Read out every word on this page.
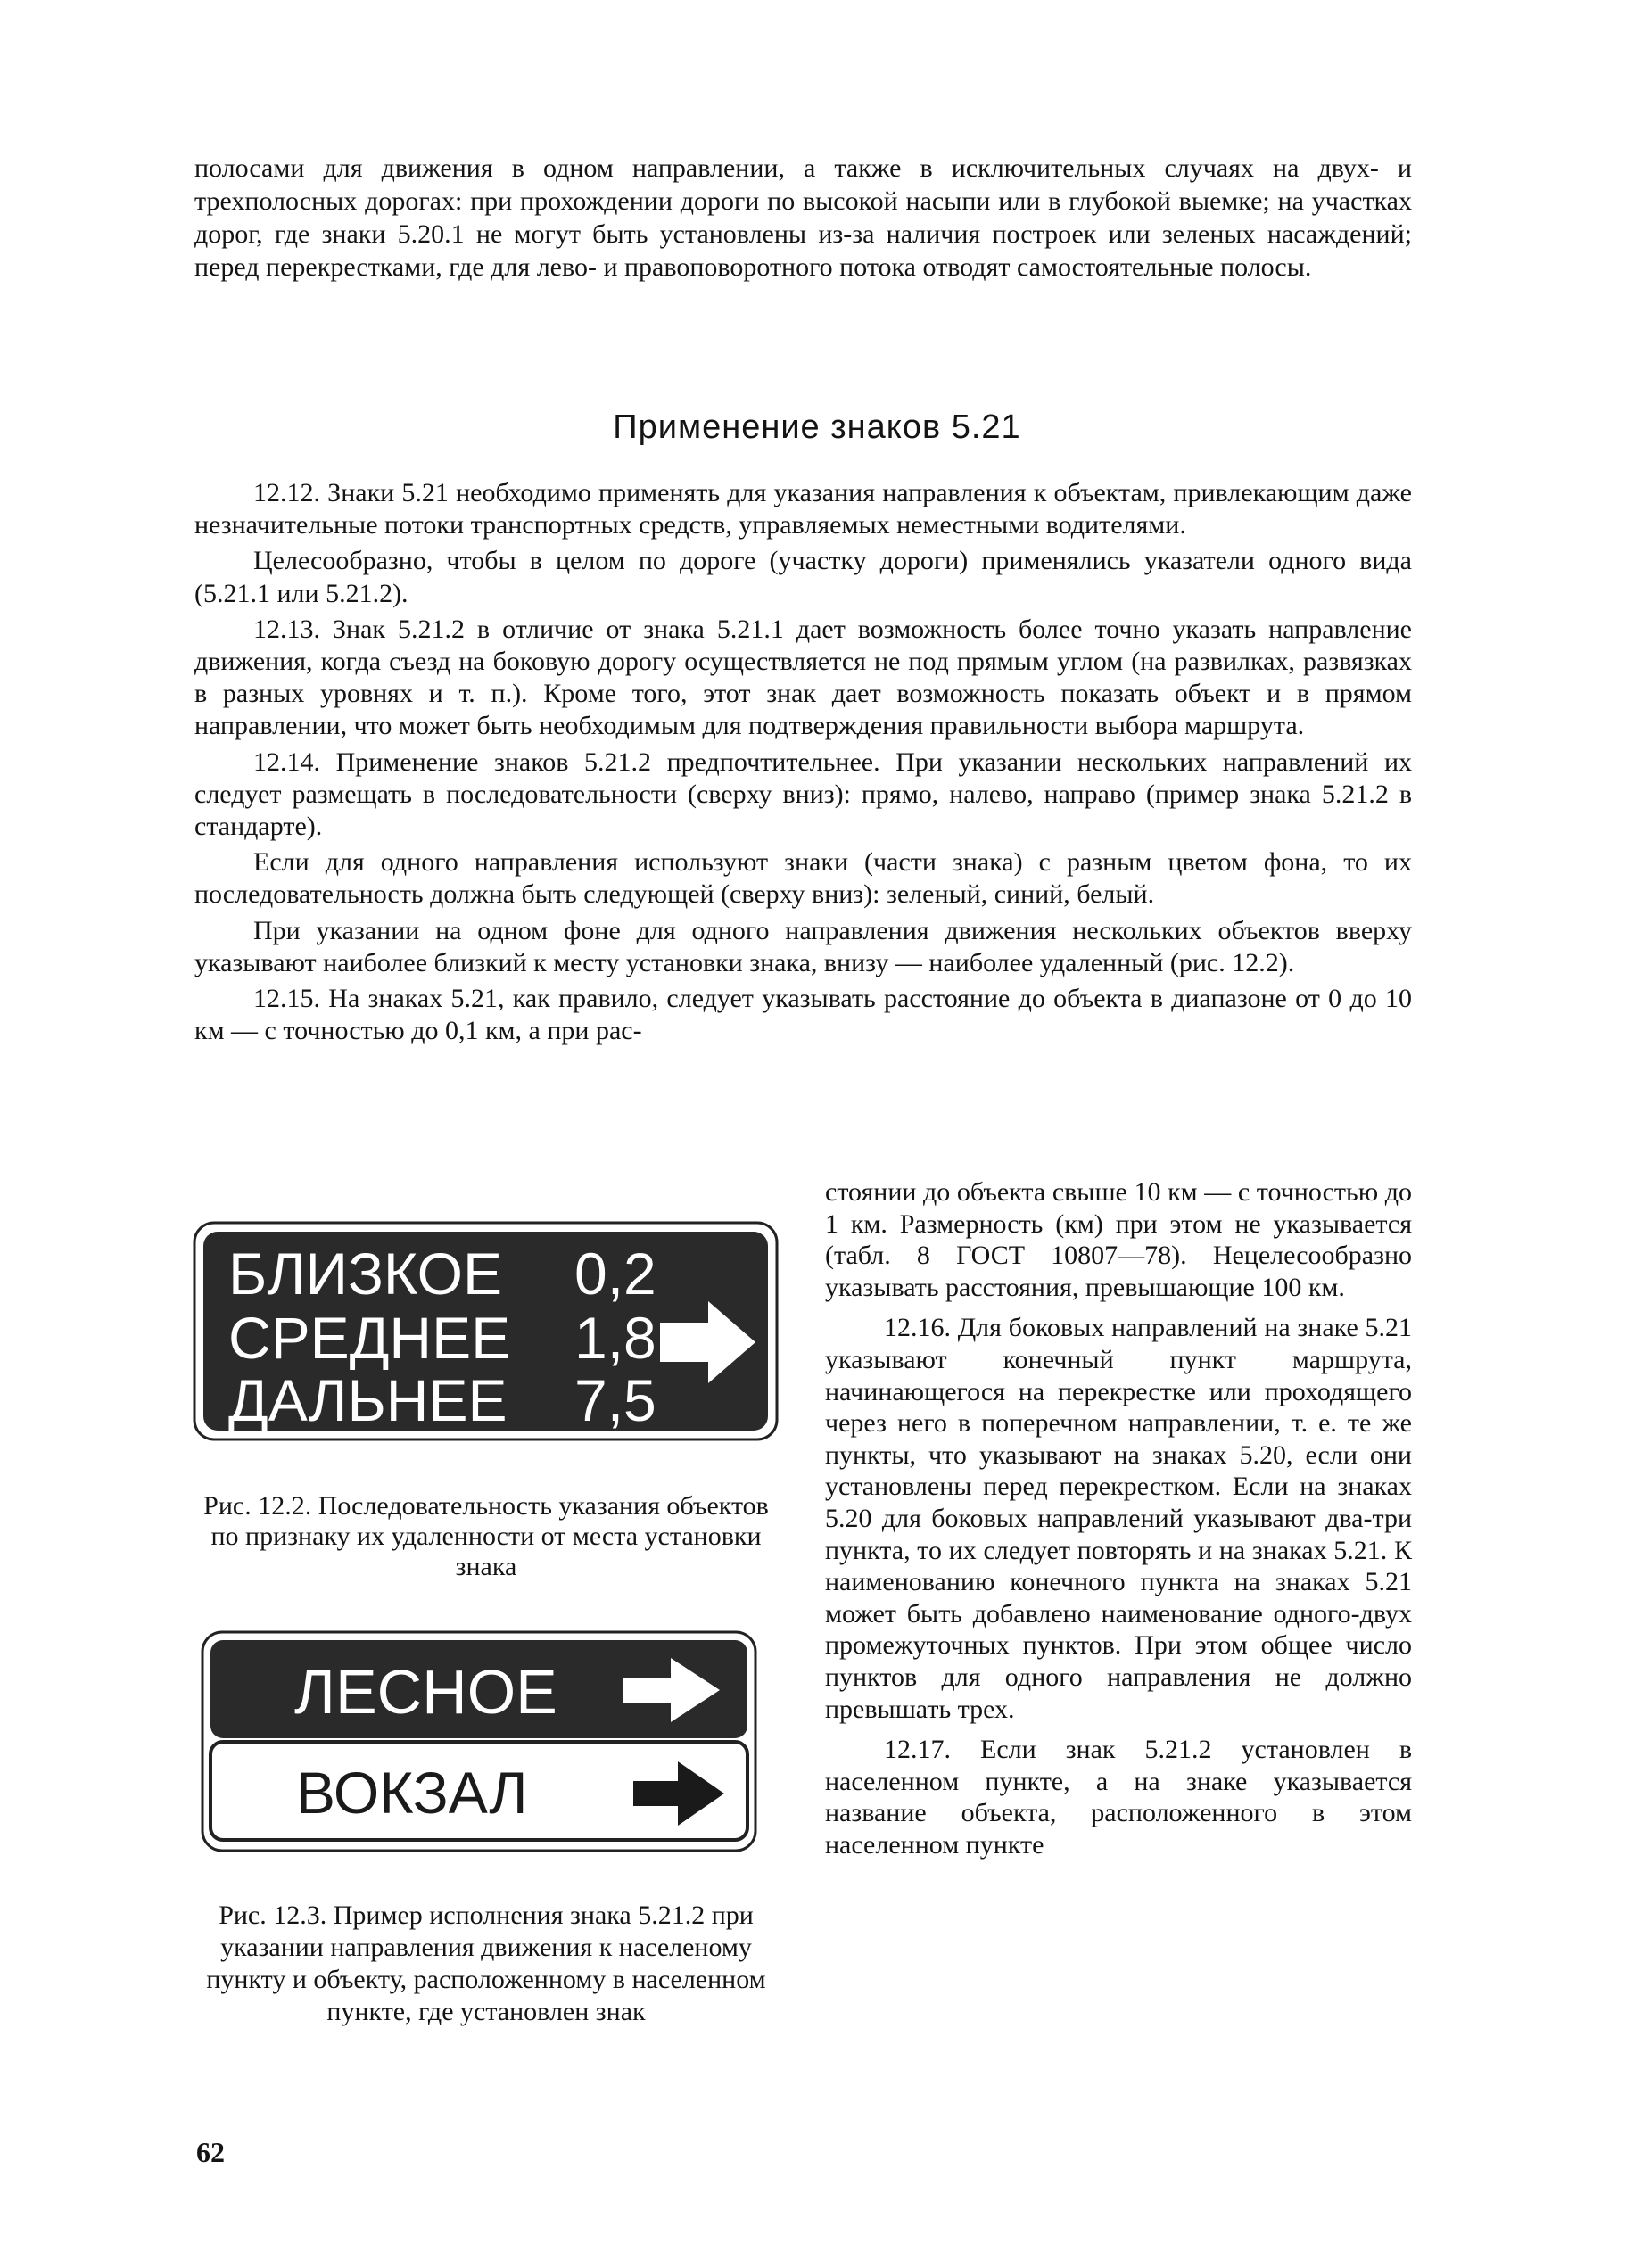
полосами для движения в одном направлении, а также в исключительных случаях на двух- и трехполосных дорогах: при прохождении дороги по высокой насыпи или в глубокой выемке; на участках дорог, где знаки 5.20.1 не могут быть установлены из-за наличия построек или зеленых насаждений; перед перекрестками, где для лево- и правоповоротного потока отводят самостоятельные полосы.

Применение знаков 5.21

12.12. Знаки 5.21 необходимо применять для указания направления к объектам, привлекающим даже незначительные потоки транспортных средств, управляемых неместными водителями.

Целесообразно, чтобы в целом по дороге (участку дороги) применялись указатели одного вида (5.21.1 или 5.21.2).

12.13. Знак 5.21.2 в отличие от знака 5.21.1 дает возможность более точно указать направление движения, когда съезд на боковую дорогу осуществляется не под прямым углом (на развилках, развязках в разных уровнях и т. п.). Кроме того, этот знак дает возможность показать объект и в прямом направлении, что может быть необходимым для подтверждения правильности выбора маршрута.

12.14. Применение знаков 5.21.2 предпочтительнее. При указании нескольких направлений их следует размещать в последовательности (сверху вниз): прямо, налево, направо (пример знака 5.21.2 в стандарте).

Если для одного направления используют знаки (части знака) с разным цветом фона, то их последовательность должна быть следующей (сверху вниз): зеленый, синий, белый.

При указании на одном фоне для одного направления движения нескольких объектов вверху указывают наиболее близкий к месту установки знака, внизу — наиболее удаленный (рис. 12.2).

12.15. На знаках 5.21, как правило, следует указывать расстояние до объекта в диапазоне от 0 до 10 км — с точностью до 0,1 км, а при рас-

БЛИЗКОЕ 0,2
СРЕДНЕЕ 1,8
ДАЛЬНЕЕ 7,5

Рис. 12.2. Последовательность указания объектов по признаку их удаленности от места установки знака

ЛЕСНОЕ
ВОКЗАЛ

Рис. 12.3. Пример исполнения знака 5.21.2 при указании направления движения к населеному пункту и объекту, расположенному в населенном пункте, где установлен знак

стоянии до объекта свыше 10 км — с точностью до 1 км. Размерность (км) при этом не указывается (табл. 8 ГОСТ 10807—78). Нецелесообразно указывать расстояния, превышающие 100 км.

12.16. Для боковых направлений на знаке 5.21 указывают конечный пункт маршрута, начинающегося на перекрестке или проходящего через него в поперечном направлении, т. е. те же пункты, что указывают на знаках 5.20, если они установлены перед перекрестком. Если на знаках 5.20 для боковых направлений указывают два-три пункта, то их следует повторять и на знаках 5.21. К наименованию конечного пункта на знаках 5.21 может быть добавлено наименование одного-двух промежуточных пунктов. При этом общее число пунктов для одного направления не должно превышать трех.

12.17. Если знак 5.21.2 установлен в населенном пункте, а на знаке указывается название объекта, расположенного в этом населенном пункте

62
